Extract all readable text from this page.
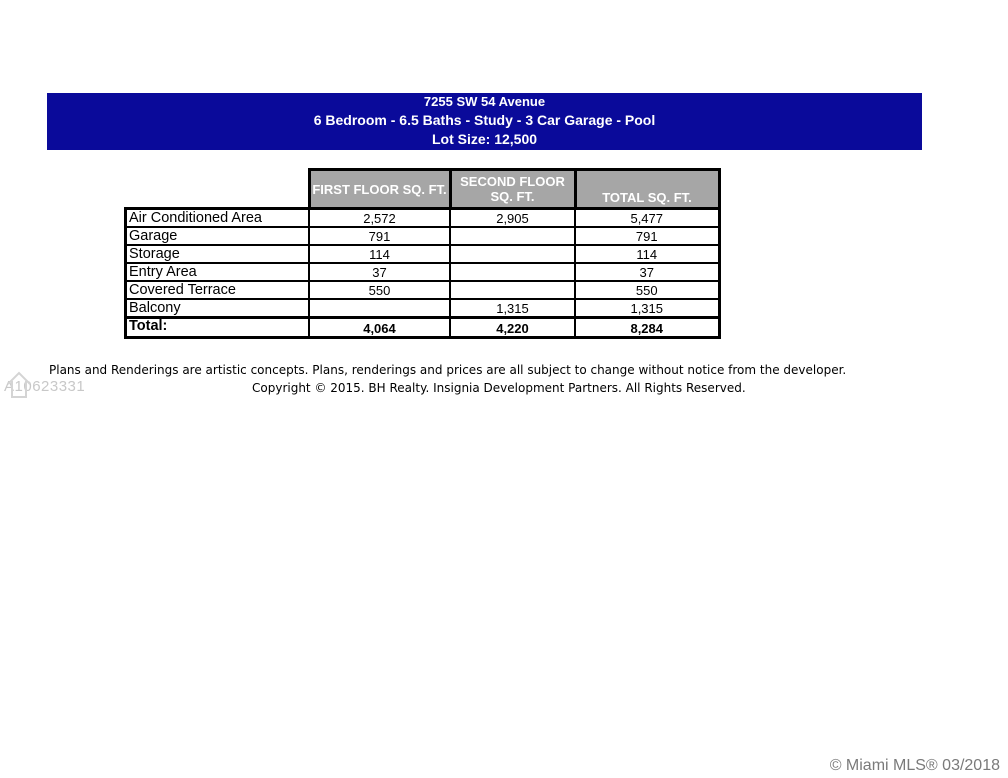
7255 SW 54 Avenue
6 Bedroom - 6.5 Baths - Study - 3 Car Garage - Pool
Lot Size: 12,500
	FIRST FLOOR SQ. FT.	SECOND FLOOR SQ. FT.	TOTAL SQ. FT.
Air Conditioned Area	2,572	2,905	5,477
Garage	791		791
Storage	114		114
Entry Area	37		37
Covered Terrace	550		550
Balcony		1,315	1,315
Total:	4,064	4,220	8,284
Plans and Renderings are artistic concepts. Plans, renderings and prices are all subject to change without notice from the developer.
Copyright © 2015. BH Realty. Insignia Development Partners. All Rights Reserved.
A10623331
© Miami MLS® 03/2018
